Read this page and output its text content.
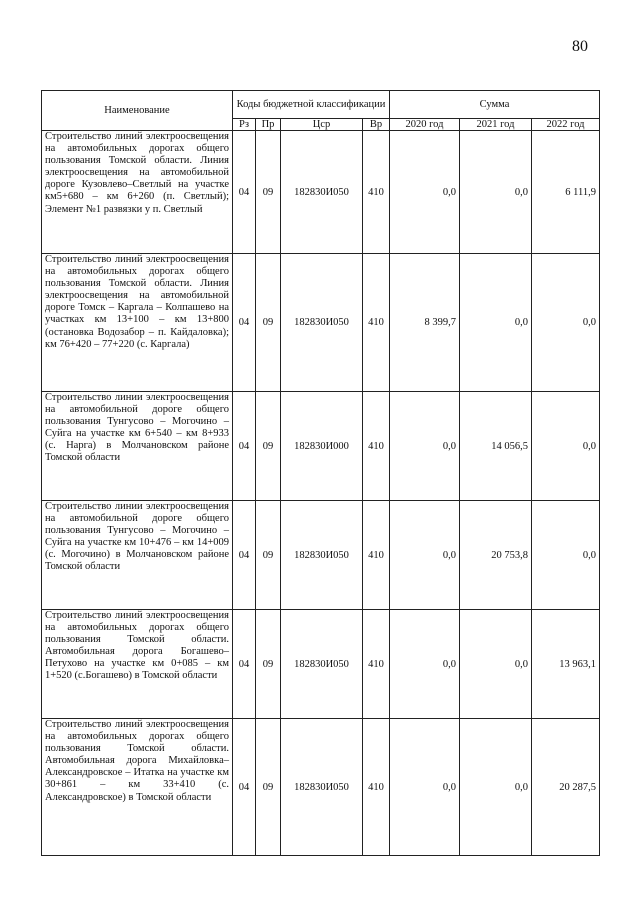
80
Наименование	Коды бюджетной классификации				Сумма		
	Рз	Пр	Цср	Вр	2020 год	2021 год	2022 год
Строительство линий электроосвещения на автомобильных дорогах общего пользования Томской области. Линия электроосвещения на автомобильной дороге Кузовлево–Светлый на участке км5+680 – км 6+260 (п. Светлый); Элемент №1 развязки у п. Светлый	04	09	182830И050	410	0,0	0,0	6 111,9
Строительство линий электроосвещения на автомобильных дорогах общего пользования Томской области. Линия электроосвещения на автомобильной дороге Томск – Каргала – Колпашево на участках км 13+100 – км 13+800 (остановка Водозабор – п. Кайдаловка); км 76+420 – 77+220 (с. Каргала)	04	09	182830И050	410	8 399,7	0,0	0,0
Строительство линии электроосвещения на автомобильной дороге общего пользования Тунгусово – Могочино – Суйга на участке км 6+540 – км 8+933 (с. Нарга) в Молчановском районе Томской области	04	09	182830И000	410	0,0	14 056,5	0,0
Строительство линии электроосвещения на автомобильной дороге общего пользования Тунгусово – Могочино – Суйга на участке км 10+476 – км 14+009 (с. Могочино) в Молчановском районе Томской области	04	09	182830И050	410	0,0	20 753,8	0,0
Строительство линий электроосвещения на автомобильных дорогах общего пользования Томской области. Автомобильная дорога Богашево–Петухово на участке км 0+085 – км 1+520 (с.Богашево) в Томской области	04	09	182830И050	410	0,0	0,0	13 963,1
Строительство линий электроосвещения на автомобильных дорогах общего пользования Томской области. Автомобильная дорога Михайловка–Александровское – Итатка на участке км 30+861 – км 33+410 (с. Александровское) в Томской области	04	09	182830И050	410	0,0	0,0	20 287,5
